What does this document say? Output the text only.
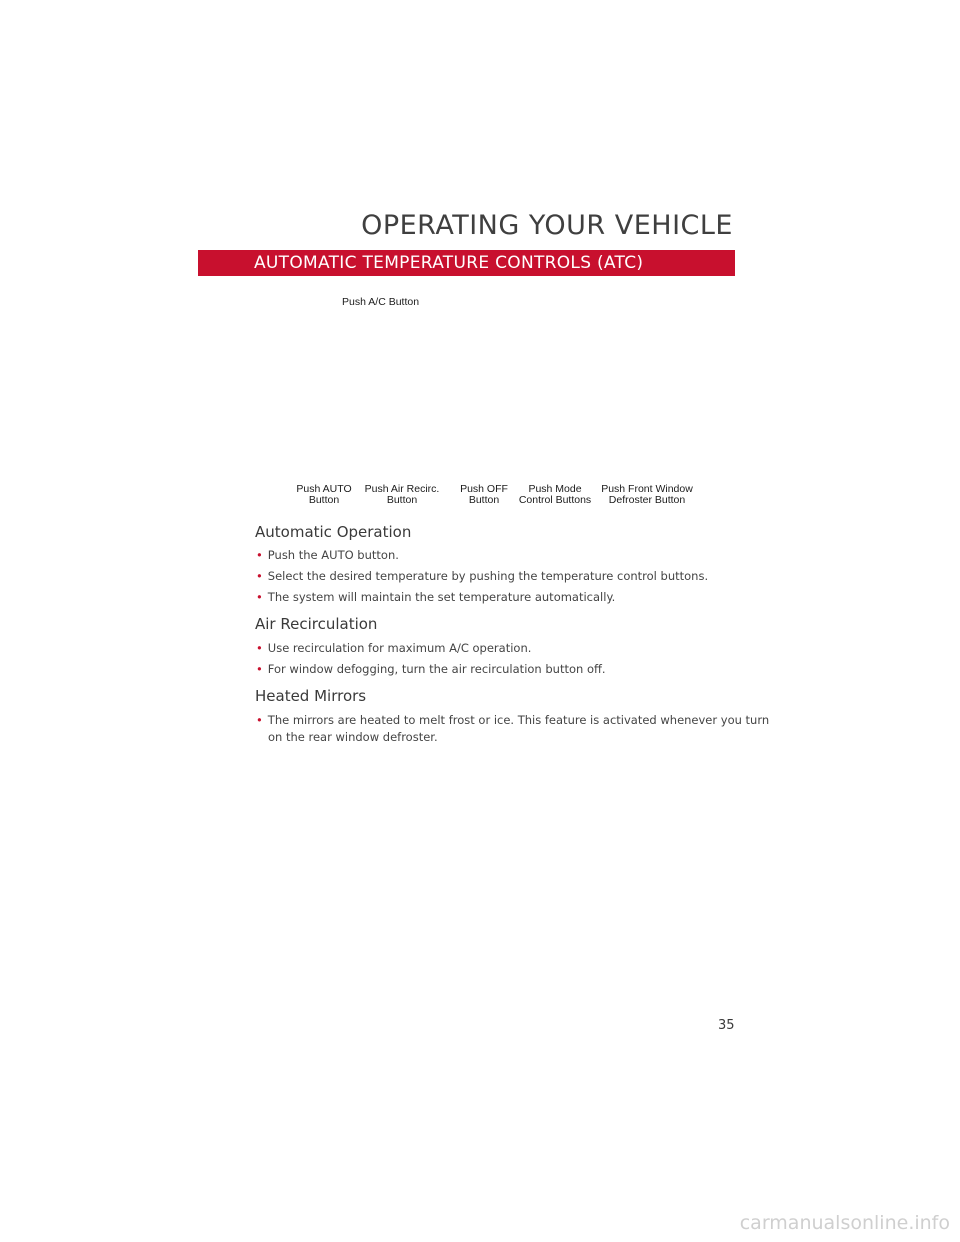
OPERATING YOUR VEHICLE
AUTOMATIC TEMPERATURE CONTROLS (ATC)
Push A/C Button
Push AUTO
Button
Push Air Recirc.
Button
Push OFF
Button
Push Mode
Control Buttons
Push Front Window
Defroster Button
Automatic Operation
• Push the AUTO button.
• Select the desired temperature by pushing the temperature control buttons.
• The system will maintain the set temperature automatically.
Air Recirculation
• Use recirculation for maximum A/C operation.
• For window defogging, turn the air recirculation button off.
Heated Mirrors
• The mirrors are heated to melt frost or ice. This feature is activated whenever you turn
on the rear window defroster.
35
carmanualsonline.info
